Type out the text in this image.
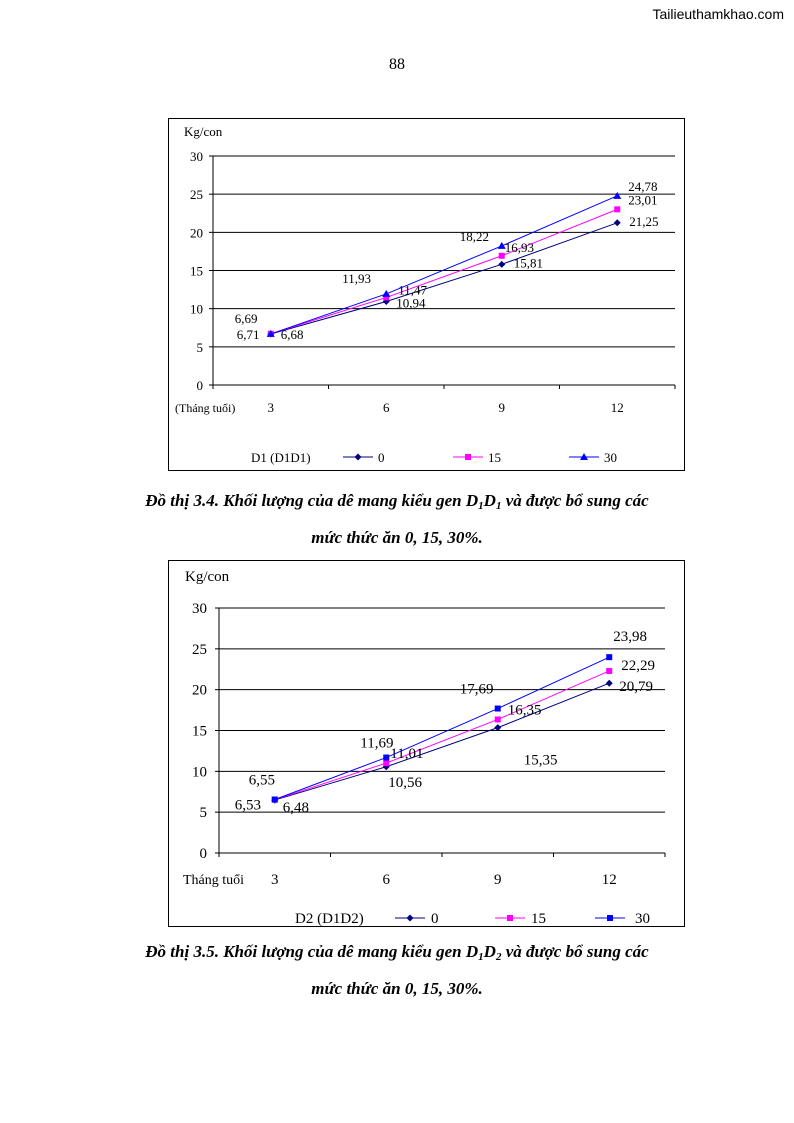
Tailieuthamkhao.com
88
0
5
10
15
20
25
30
3	6	9	12
Kg/con
(Tháng tuổi)
6,68
10,94
15,81
21,25
6,71
11,47
16,93
23,01
6,69
11,93
18,22
24,78
D1 (D1D1)	0	15	30
Đồ thị 3.4. Khối lượng của dê mang kiểu gen $D_1D_1$ và được bổ sung các
mức thức ăn 0, 15, 30%.
0
5
10
15
20
25
30
3	6	9	12
Kg/con
Tháng tuổi
6,48
10,56
15,35
20,79
6,53
11,01
16,35
22,29
6,55
11,69
17,69
23,98
D2 (D1D2)	0	15	30
Đồ thị 3.5. Khối lượng của dê mang kiểu gen $D_1D_2$ và được bổ sung các
mức thức ăn 0, 15, 30%.
